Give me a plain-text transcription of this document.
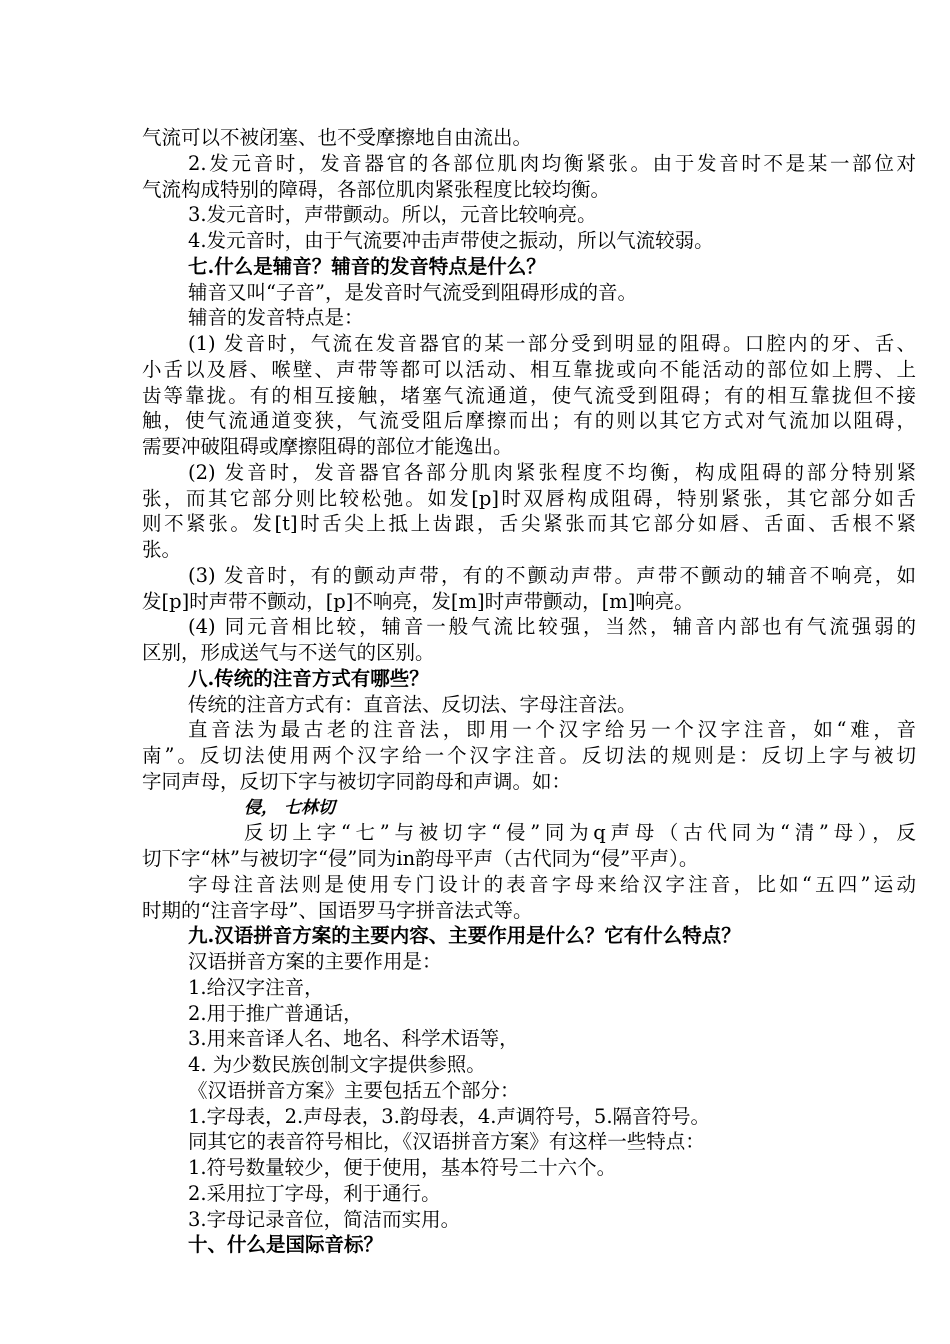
气流可以不被闭塞、也不受摩擦地自由流出。
2.发元音时，发音器官的各部位肌肉均衡紧张。由于发音时不是某一部位对
气流构成特别的障碍，各部位肌肉紧张程度比较均衡。
3.发元音时，声带颤动。所以，元音比较响亮。
4.发元音时，由于气流要冲击声带使之振动，所以气流较弱。
七.什么是辅音？辅音的发音特点是什么？
辅音又叫“子音”，是发音时气流受到阻碍形成的音。
辅音的发音特点是：
(1) 发音时，气流在发音器官的某一部分受到明显的阻碍。口腔内的牙、舌、
小舌以及唇、喉壁、声带等都可以活动、相互靠拢或向不能活动的部位如上腭、上
齿等靠拢。有的相互接触，堵塞气流通道，使气流受到阻碍；有的相互靠拢但不接
触，使气流通道变狭，气流受阻后摩擦而出；有的则以其它方式对气流加以阻碍，
需要冲破阻碍或摩擦阻碍的部位才能逸出。
(2) 发音时，发音器官各部分肌肉紧张程度不均衡，构成阻碍的部分特别紧
张，而其它部分则比较松弛。如发[p]时双唇构成阻碍，特别紧张，其它部分如舌
则不紧张。发[t]时舌尖上抵上齿跟，舌尖紧张而其它部分如唇、舌面、舌根不紧
张。
(3) 发音时，有的颤动声带，有的不颤动声带。声带不颤动的辅音不响亮，如
发[p]时声带不颤动，[p]不响亮，发[m]时声带颤动，[m]响亮。
(4) 同元音相比较，辅音一般气流比较强，当然，辅音内部也有气流强弱的
区别，形成送气与不送气的区别。
八.传统的注音方式有哪些？
传统的注音方式有：直音法、反切法、字母注音法。
直音法为最古老的注音法，即用一个汉字给另一个汉字注音，如“难，音
南”。反切法使用两个汉字给一个汉字注音。反切法的规则是：反切上字与被切
字同声母，反切下字与被切字同韵母和声调。如：
侵， 七林切
反切上字“七”与被切字“侵”同为q声母（古代同为“清”母），反
切下字“林”与被切字“侵”同为in韵母平声（古代同为“侵”平声）。
字母注音法则是使用专门设计的表音字母来给汉字注音，比如“五四”运动
时期的“注音字母”、国语罗马字拼音法式等。
九.汉语拼音方案的主要内容、主要作用是什么？它有什么特点？
汉语拼音方案的主要作用是：
1.给汉字注音，
2.用于推广普通话，
3.用来音译人名、地名、科学术语等，
4. 为少数民族创制文字提供参照。
《汉语拼音方案》主要包括五个部分：
1.字母表，2.声母表，3.韵母表，4.声调符号，5.隔音符号。
同其它的表音符号相比，《汉语拼音方案》有这样一些特点：
1.符号数量较少，便于使用，基本符号二十六个。
2.采用拉丁字母，利于通行。
3.字母记录音位，简洁而实用。
十、什么是国际音标？
